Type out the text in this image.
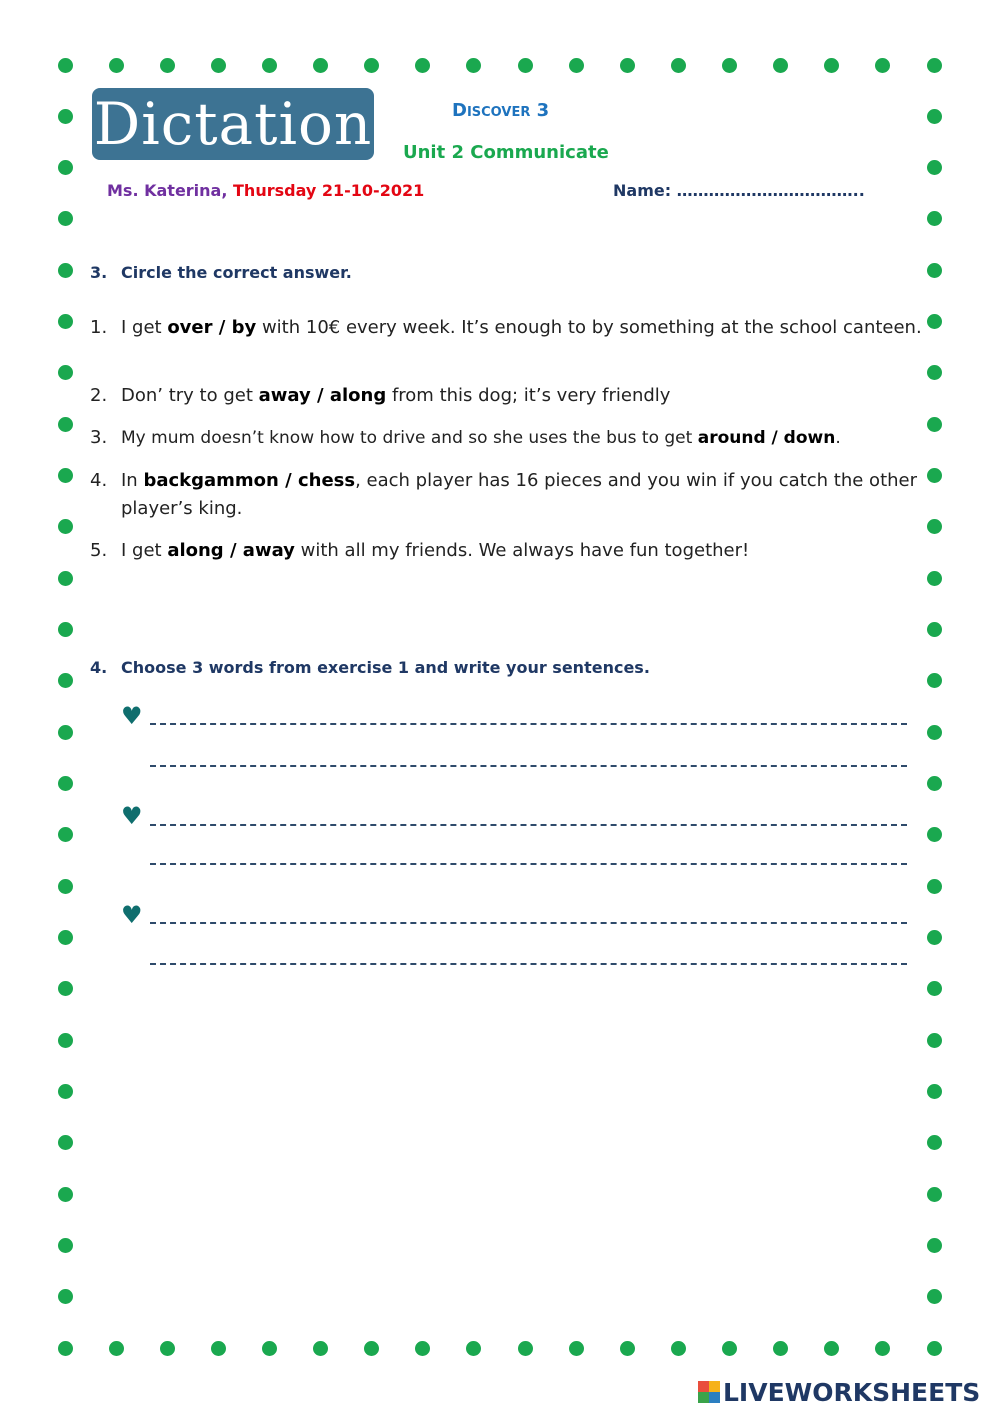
Dictation	Discover 3
Unit 2 Communicate
Ms. Katerina, Thursday 21-10-2021	Name: ……………………………..
3. Circle the correct answer.
1. I get over / by with 10€ every week. It’s enough to by something at the school canteen.
2. Don’ try to get away / along from this dog; it’s very friendly
3. My mum doesn’t know how to drive and so she uses the bus to get around / down.
4. In backgammon / chess, each player has 16 pieces and you win if you catch the other player’s king.
5. I get along / away with all my friends. We always have fun together!
4. Choose 3 words from exercise 1 and write your sentences.
♥
♥
♥
LIVEWORKSHEETS
